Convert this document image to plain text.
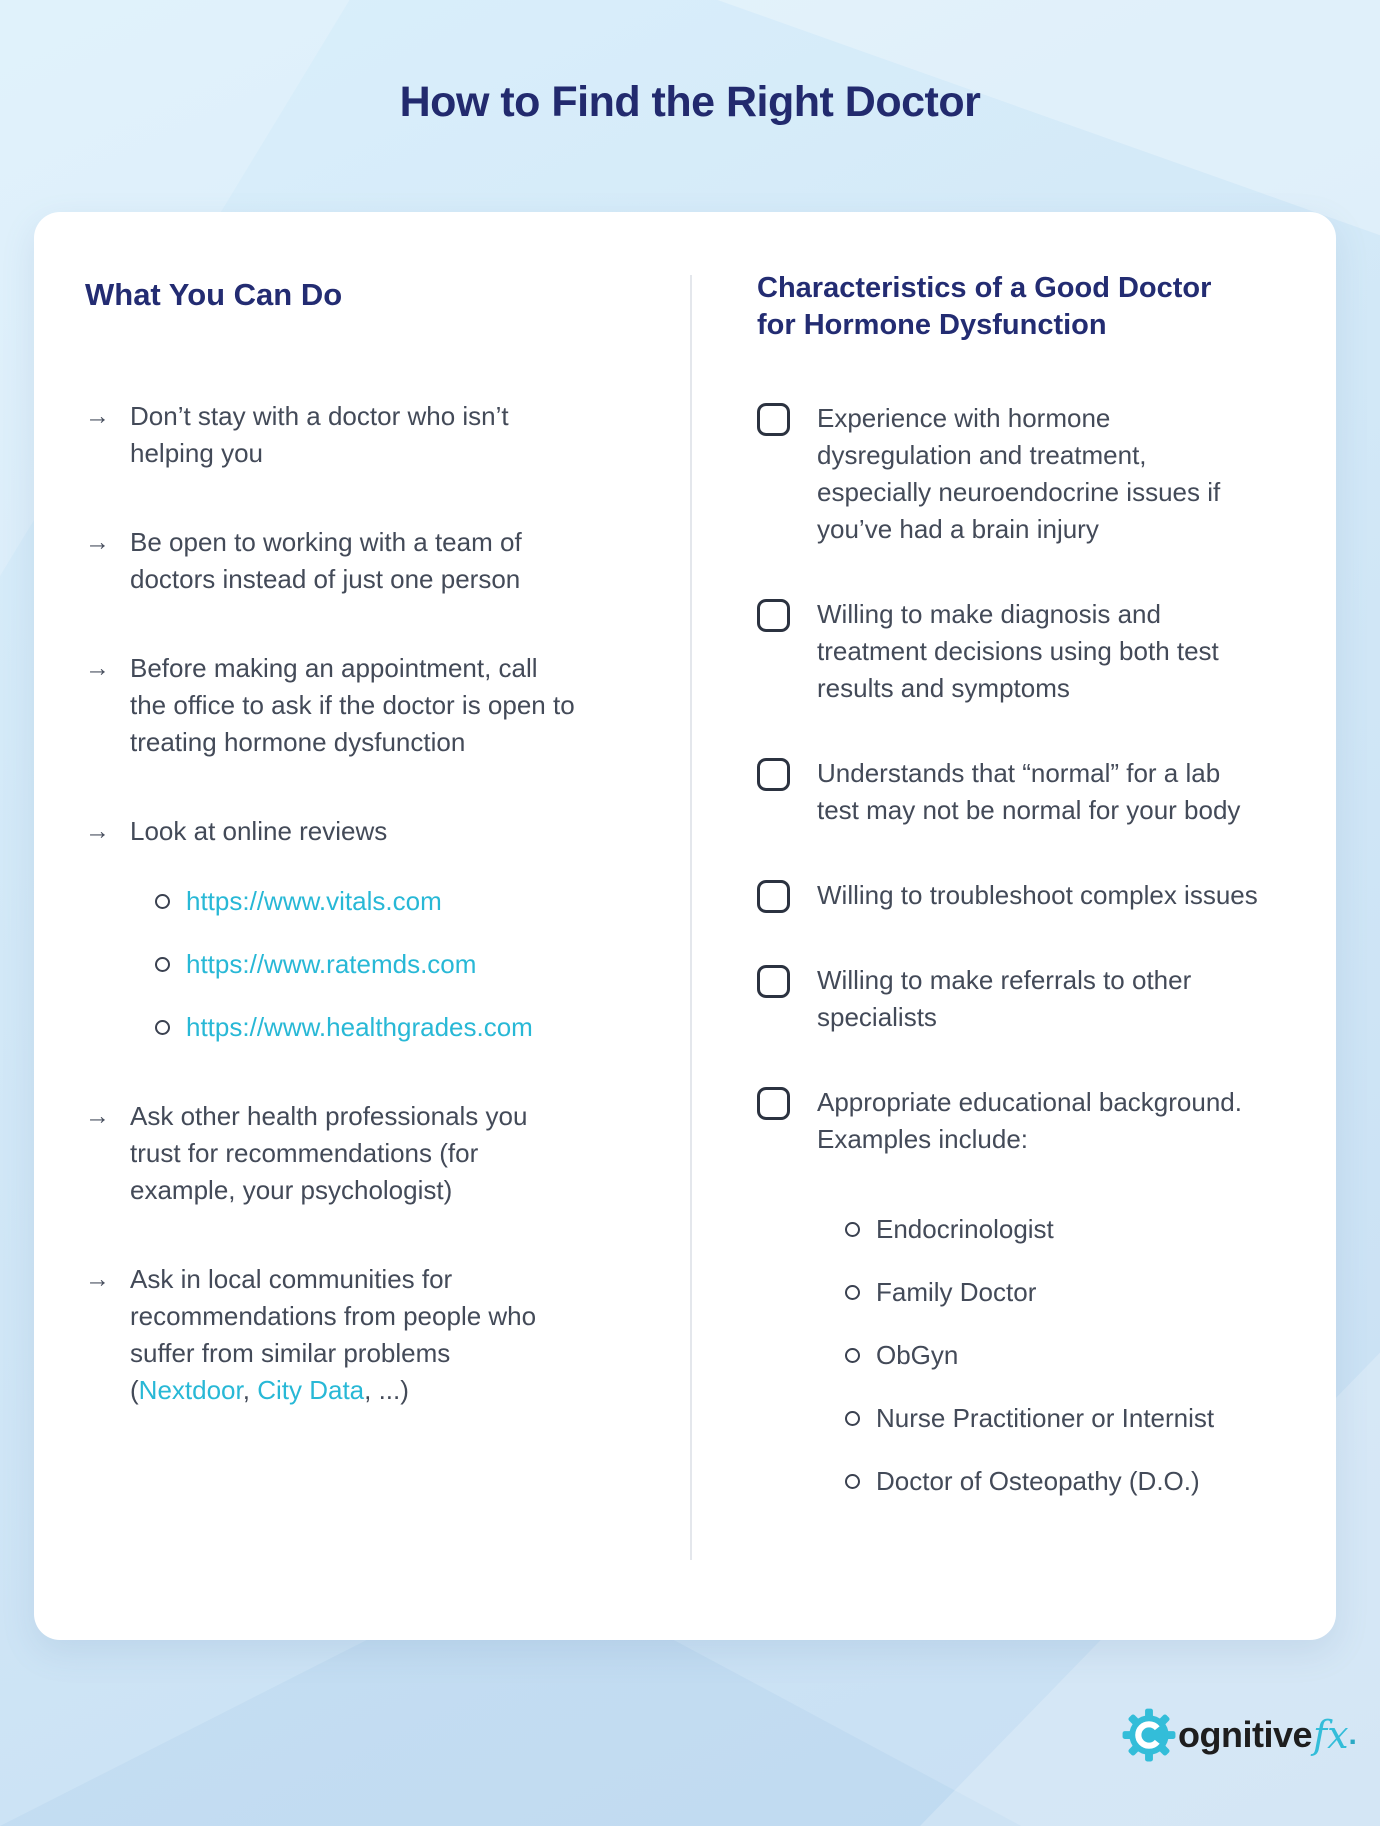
How to Find the Right Doctor
What You Can Do
→ Don’t stay with a doctor who isn’t helping you

→ Be open to working with a team of doctors instead of just one person

→ Before making an appointment, call the office to ask if the doctor is open to treating hormone dysfunction

→ Look at online reviews

https://www.vitals.com
https://www.ratemds.com
https://www.healthgrades.com
→ Ask other health professionals you trust for recommendations (for example, your psychologist)

→ Ask in local communities for recommendations from people who suffer from similar problems (Nextdoor, City Data, ...)

Characteristics of a Good Doctor for Hormone Dysfunction

Experience with hormone dysregulation and treatment, especially neuroendocrine issues if you’ve had a brain injury

Willing to make diagnosis and treatment decisions using both test results and symptoms

Understands that “normal” for a lab test may not be normal for your body

Willing to troubleshoot complex issues

Willing to make referrals to other specialists

Appropriate educational background. Examples include:

Endocrinologist
Family Doctor
ObGyn
Nurse Practitioner or Internist
Doctor of Osteopathy (D.O.)
ognitive fx .
